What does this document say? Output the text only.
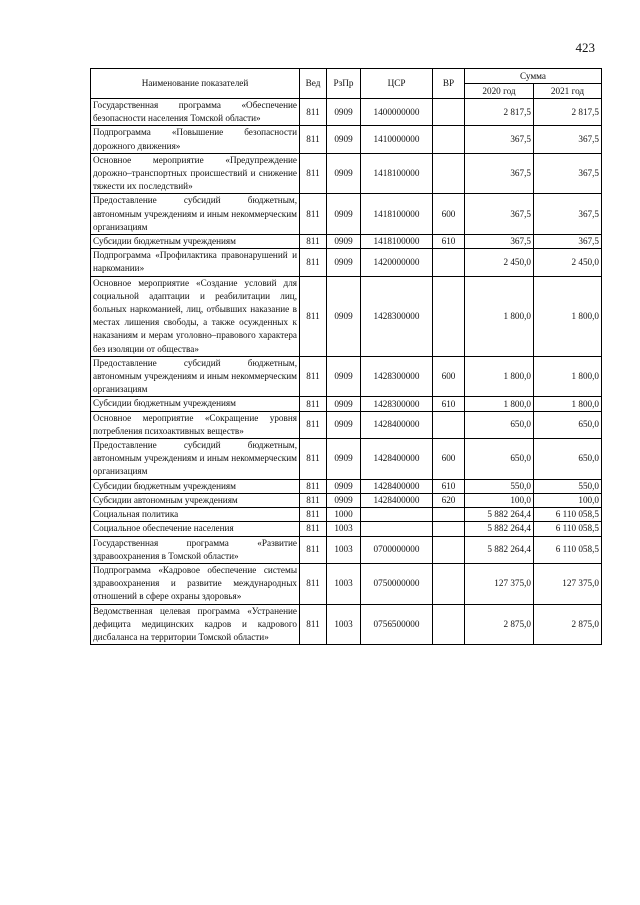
423
Наименование показателей	Вед	РзПр	ЦСР	ВР	Сумма	
					2020 год	2021 год
Государственная программа «Обеспечение безопасности населения Томской области»	811	0909	1400000000		2 817,5	2 817,5
Подпрограмма «Повышение безопасности дорожного движения»	811	0909	1410000000		367,5	367,5
Основное мероприятие «Предупреждение дорожно–транспортных происшествий и снижение тяжести их последствий»	811	0909	1418100000		367,5	367,5
Предоставление субсидий бюджетным, автономным учреждениям и иным некоммерческим организациям	811	0909	1418100000	600	367,5	367,5
Субсидии бюджетным учреждениям	811	0909	1418100000	610	367,5	367,5
Подпрограмма «Профилактика правонарушений и наркомании»	811	0909	1420000000		2 450,0	2 450,0
Основное мероприятие «Создание условий для социальной адаптации и реабилитации лиц, больных наркоманией, лиц, отбывших наказание в местах лишения свободы, а также осужденных к наказаниям и мерам уголовно–правового характера без изоляции от общества»	811	0909	1428300000		1 800,0	1 800,0
Предоставление субсидий бюджетным, автономным учреждениям и иным некоммерческим организациям	811	0909	1428300000	600	1 800,0	1 800,0
Субсидии бюджетным учреждениям	811	0909	1428300000	610	1 800,0	1 800,0
Основное мероприятие «Сокращение уровня потребления психоактивных веществ»	811	0909	1428400000		650,0	650,0
Предоставление субсидий бюджетным, автономным учреждениям и иным некоммерческим организациям	811	0909	1428400000	600	650,0	650,0
Субсидии бюджетным учреждениям	811	0909	1428400000	610	550,0	550,0
Субсидии автономным учреждениям	811	0909	1428400000	620	100,0	100,0
Социальная политика	811	1000			5 882 264,4	6 110 058,5
Социальное обеспечение населения	811	1003			5 882 264,4	6 110 058,5
Государственная программа «Развитие здравоохранения в Томской области»	811	1003	0700000000		5 882 264,4	6 110 058,5
Подпрограмма «Кадровое обеспечение системы здравоохранения и развитие международных отношений в сфере охраны здоровья»	811	1003	0750000000		127 375,0	127 375,0
Ведомственная целевая программа «Устранение дефицита медицинских кадров и кадрового дисбаланса на территории Томской области»	811	1003	0756500000		2 875,0	2 875,0
